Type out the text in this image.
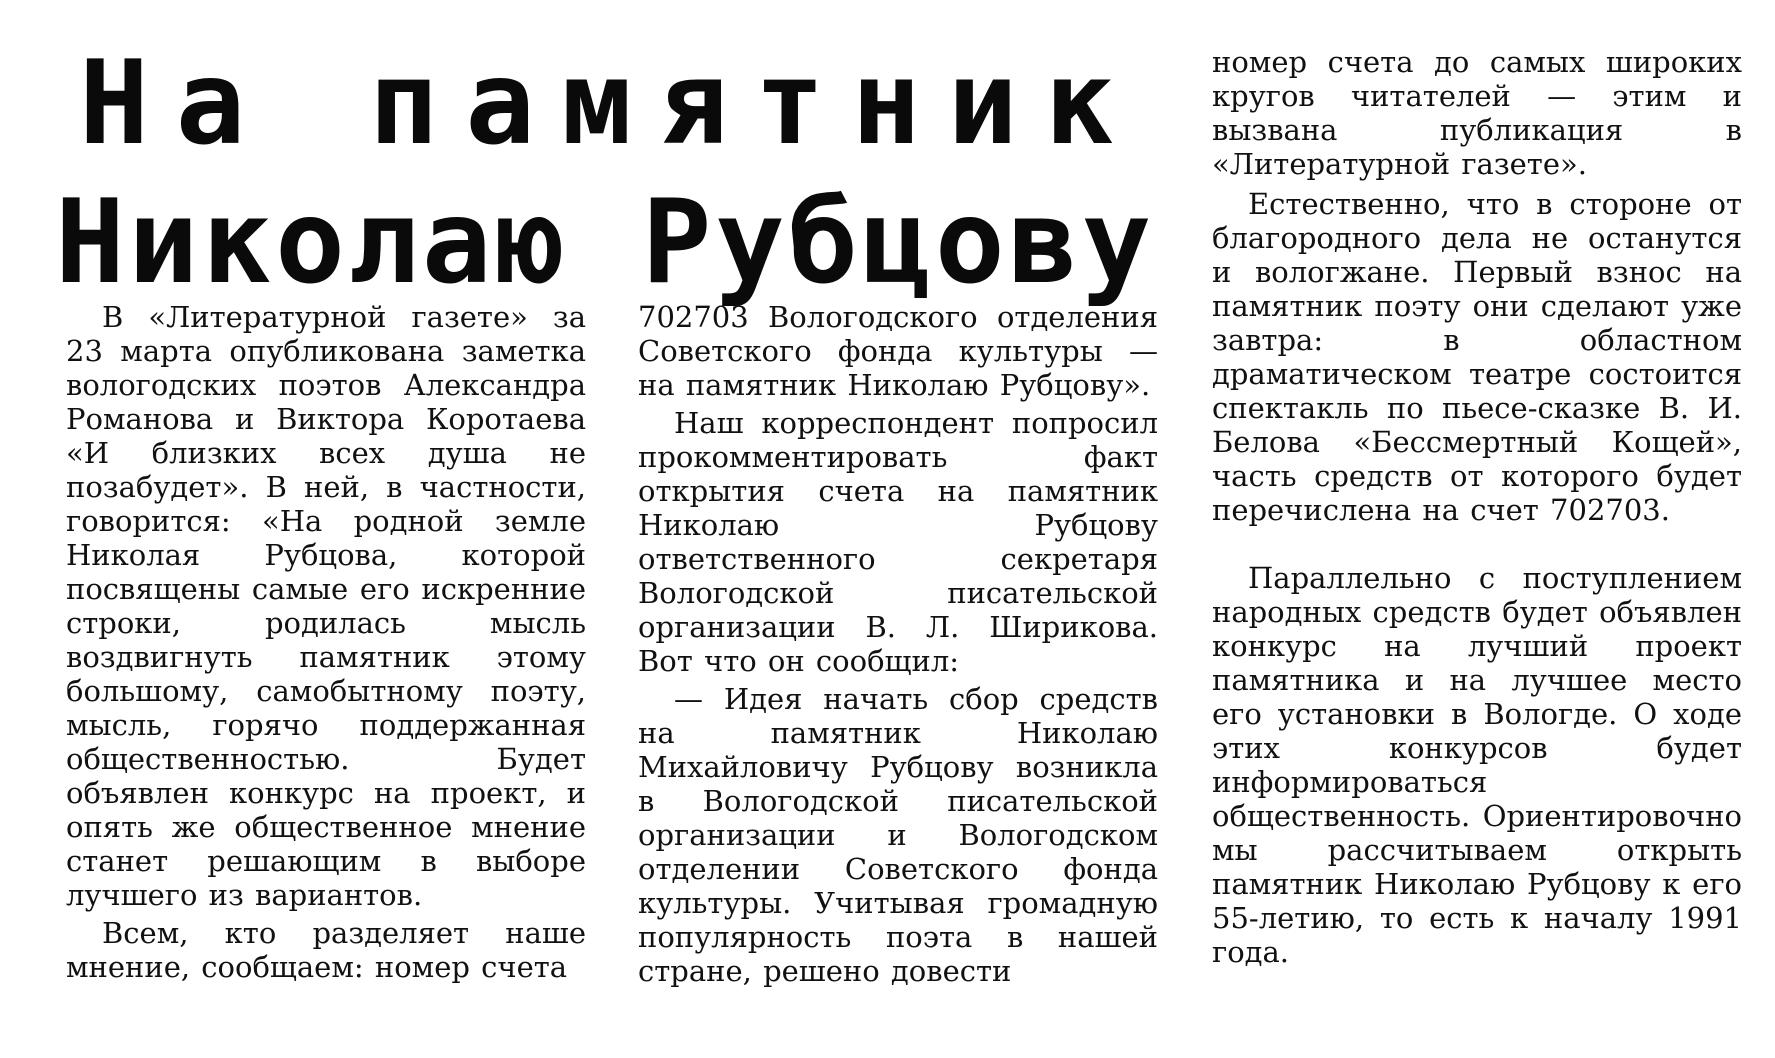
На памятник
Николаю Рубцову

В «Литературной газете» за 23 марта опубликована заметка вологодских поэтов Александра Романова и Виктора Коротаева «И близких всех душа не позабудет». В ней, в частности, говорится: «На родной земле Николая Рубцова, которой посвящены самые его искренние строки, родилась мысль воздвигнуть памятник этому большому, самобытному поэту, мысль, горячо поддержанная общественностью. Будет объявлен конкурс на проект, и опять же общественное мнение станет решающим в выборе лучшего из вариантов.

Всем, кто разделяет наше мнение, сообщаем: номер счета

702703 Вологодского отделения Советского фонда культуры — на памятник Николаю Рубцову».

Наш корреспондент попросил прокомментировать факт открытия счета на памятник Николаю Рубцову ответственного секретаря Вологодской писательской организации В. Л. Ширикова. Вот что он сообщил:

— Идея начать сбор средств на памятник Николаю Михайловичу Рубцову возникла в Вологодской писательской организации и Вологодском отделении Советского фонда культуры. Учитывая громадную популярность поэта в нашей стране, решено довести

номер счета до самых широких кругов читателей — этим и вызвана публикация в «Литературной газете».

Естественно, что в стороне от благородного дела не останутся и вологжане. Первый взнос на памятник поэту они сделают уже завтра: в областном драматическом театре состоится спектакль по пьесе-сказке В. И. Белова «Бессмертный Кощей», часть средств от которого будет перечислена на счет 702703.

Параллельно с поступлением народных средств будет объявлен конкурс на лучший проект памятника и на лучшее место его установки в Вологде. О ходе этих конкурсов будет информироваться общественность. Ориентировочно мы рассчитываем открыть памятник Николаю Рубцову к его 55-летию, то есть к началу 1991 года.
